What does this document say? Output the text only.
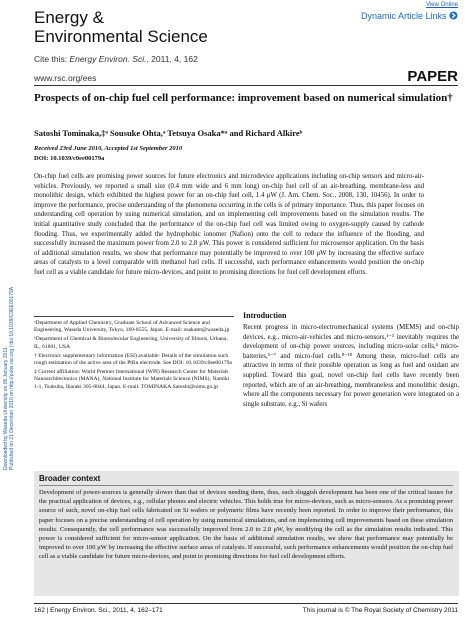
Energy &
Environmental Science
View Online
Dynamic Article Links
Cite this: Energy Environ. Sci., 2011, 4, 162
www.rsc.org/ees	PAPER
Downloaded by Waseda University on 05 January 2011 Published on 21 December 2010 on http://pubs.rsc.org | doi:10.1039/C0EE00179A
Prospects of on-chip fuel cell performance: improvement based on numerical simulation†
Satoshi Tominaka,‡ᵃ Sousuke Ohta,ᵃ Tetsuya Osaka*ᵃ and Richard Alkireᵇ
Received 23rd June 2010, Accepted 1st September 2010
DOI: 10.1039/c0ee00179a
On-chip fuel cells are promising power sources for future electronics and microdevice applications including on-chip sensors and micro-air-vehicles. Previously, we reported a small size (0.4 mm wide and 6 mm long) on-chip fuel cell of an air-breathing, membrane-less and monolithic design, which exhibited the highest power for an on-chip fuel cell, 1.4 μW (J. Am. Chem. Soc., 2008, 130, 10456). In order to improve the performance, precise understanding of the phenomena occurring in the cells is of primary importance. Thus, this paper focuses on understanding cell operation by using numerical simulation, and on implementing cell improvements based on the simulation results. The initial quantitative study concluded that the performance of the on-chip fuel cell was limited owing to oxygen-supply caused by cathode flooding. Thus, we experimentally added the hydrophobic ionomer (Nafion) onto the cell to reduce the influence of the flooding, and successfully increased the maximum power from 2.0 to 2.8 μW. This power is considered sufficient for microsensor application. On the basis of additional simulation results, we show that performance may potentially be improved to over 100 μW by increasing the effective surface areas of catalysts to a level comparable with methanol fuel cells. If successful, such performance enhancements would position the on-chip fuel cell as a viable candidate for future micro-devices, and point to promising directions for fuel cell development efforts.

ᵃDepartment of Applied Chemistry, Graduate School of Advanced Science and Engineering, Waseda University, Tokyo, 169-8555, Japan. E-mail: osakatet@waseda.jp

ᵇDepartment of Chemical & Biomolecular Engineering, University of Illinois, Urbana, IL, 61801, USA

† Electronic supplementary information (ESI) available: Details of the simulation such rough estimation of the active area of the PtRu electrode. See DOI: 10.1039/c0ee00179a

‡ Current affiliation: World Premier International (WPI) Research Center for Materials Nanoarchitectonics (MANA), National Institute for Materials Science (NIMS), Namiki 1-1, Tsukuba, Ibaraki 305-0044, Japan. E-mail: TOMINAKA.Satoshi@nims.go.jp

Introduction
Recent progress in micro-electromechanical systems (MEMS) and on-chip devices, e.g., micro-air-vehicles and micro-sensors,¹⁻³ inevitably requires the development of on-chip power sources, including micro-solar cells,⁴ micro-batteries,⁵⁻⁷ and micro-fuel cells.⁸⁻¹⁸ Among these, micro-fuel cells are attractive in terms of their possible operation as long as fuel and oxidant are supplied. Toward this goal, novel on-chip fuel cells have recently been reported, which are of an air-breathing, membraneless and monolithic design, where all the components necessary for power generation were integrated on a single substrate, e.g., Si wafers
Broader context
Development of power-sources is generally slower than that of devices needing them, thus, such sluggish development has been one of the critical issues for the practical application of devices, e.g., cellular phones and electric vehicles. This holds true for micro-devices, such as micro-sensors. As a promising power source of such, novel on-chip fuel cells fabricated on Si wafers or polymeric films have recently been reported. In order to improve their performance, this paper focuses on a precise understanding of cell operation by using numerical simulations, and on implementing cell improvements based on these simulation results. Consequently, the cell performance was successfully improved from 2.0 to 2.8 μW, by modifying the cell as the simulation results indicated. This power is considered sufficient for micro-sensor application. On the basis of additional simulation results, we show that performance may potentially be improved to over 100 μW by increasing the effective surface areas of catalysts. If successful, such performance enhancements would position the on-chip fuel cell as a viable candidate for future micro-devices, and point to promising directions for fuel cell development efforts.
162 | Energy Environ. Sci., 2011, 4, 162–171	This journal is © The Royal Society of Chemistry 2011
